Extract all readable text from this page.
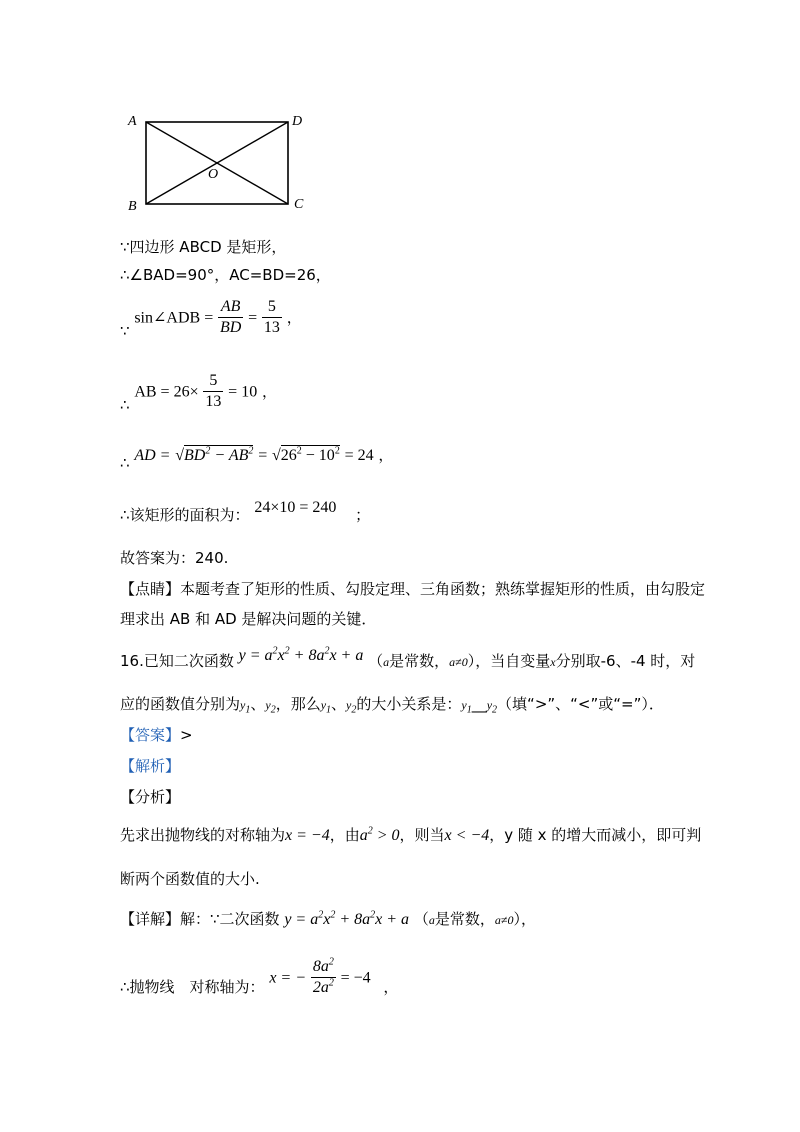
A	D
B	C
O
∵四边形 ABCD 是矩形，
∴∠BAD=90°，AC=BD=26，
∵ sin∠ADB = $\frac{AB}{BD} = \frac{5}{13}$ ，
∴ AB = $26\times \frac{5}{13} = 10$ ，
∴ AD = $√BD^2 - AB^2 = √26^2 - 10^2 = 24$ ，
∴该矩形的面积为： 24×10 = 240 ；
故答案为：240.
【点睛】本题考查了矩形的性质、勾股定理、三角函数；熟练掌握矩形的性质，由勾股定
理求出 AB 和 AD 是解决问题的关键．
16.已知二次函数 $y = a^2x^2 + 8a^2x + a$ （a是常数，a≠0），当自变量x分别取-6、-4 时，对
应的函数值分别为$y_1$、$y_2$，那么$y_1$、$y_2$的大小关系是：$y_1\_\_y_2$（填“>”、“<”或“=”）．
【答案】>
【解析】
【分析】
先求出抛物线的对称轴为x = −4，由$a^2 > 0$，则当x < −4，y 随 x 的增大而减小，即可判
断两个函数值的大小.
【详解】解：∵二次函数 $y = a^2x^2 + 8a^2x + a$ （a是常数，a≠0），
∴抛物线　对称轴为： x = − $\frac{8a^2}{2a^2} = -4$ ，
